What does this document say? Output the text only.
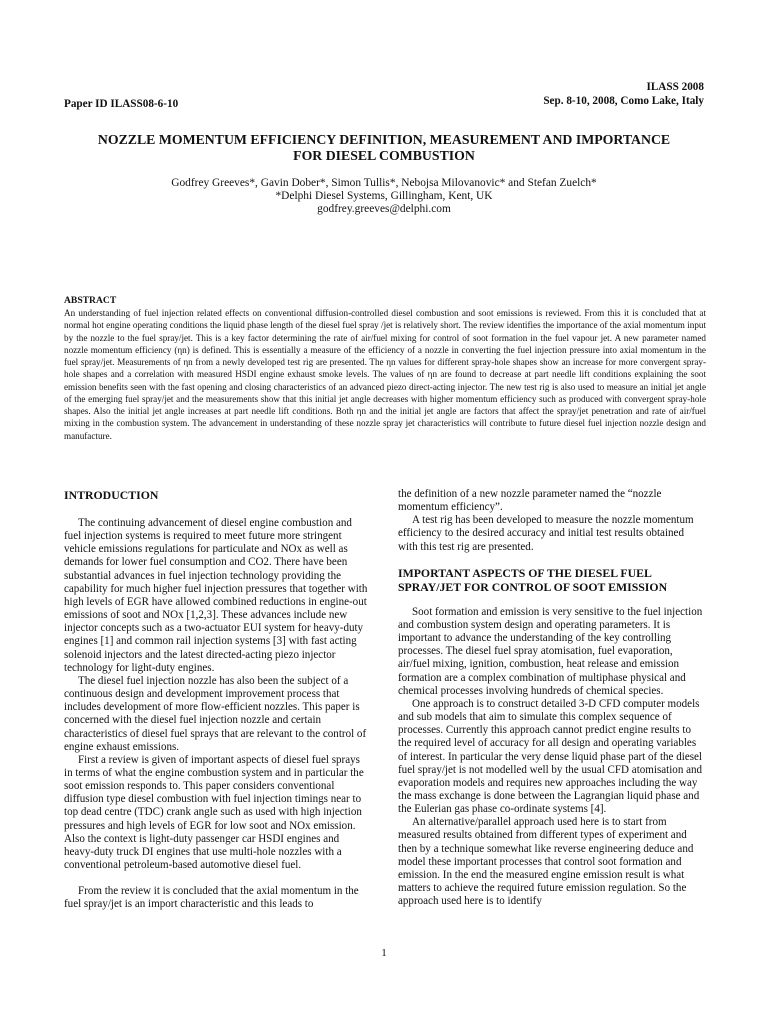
ILASS 2008
Sep. 8-10, 2008, Como Lake, Italy
Paper ID ILASS08-6-10
NOZZLE MOMENTUM EFFICIENCY DEFINITION, MEASUREMENT AND IMPORTANCE
FOR DIESEL COMBUSTION
Godfrey Greeves*, Gavin Dober*, Simon Tullis*, Nebojsa Milovanovic* and Stefan Zuelch*
*Delphi Diesel Systems, Gillingham, Kent, UK
godfrey.greeves@delphi.com
ABSTRACT

An understanding of fuel injection related effects on conventional diffusion-controlled diesel combustion and soot emissions is reviewed. From this it is concluded that at normal hot engine operating conditions the liquid phase length of the diesel fuel spray /jet is relatively short. The review identifies the importance of the axial momentum input by the nozzle to the fuel spray/jet. This is a key factor determining the rate of air/fuel mixing for control of soot formation in the fuel vapour jet. A new parameter named nozzle momentum efficiency (ηn) is defined. This is essentially a measure of the efficiency of a nozzle in converting the fuel injection pressure into axial momentum in the fuel spray/jet. Measurements of ηn from a newly developed test rig are presented. The ηn values for different spray-hole shapes show an increase for more convergent spray-hole shapes and a correlation with measured HSDI engine exhaust smoke levels. The values of ηn are found to decrease at part needle lift conditions explaining the soot emission benefits seen with the fast opening and closing characteristics of an advanced piezo direct-acting injector. The new test rig is also used to measure an initial jet angle of the emerging fuel spray/jet and the measurements show that this initial jet angle decreases with higher momentum efficiency such as produced with convergent spray-hole shapes. Also the initial jet angle increases at part needle lift conditions. Both ηn and the initial jet angle are factors that affect the spray/jet penetration and rate of air/fuel mixing in the combustion system. The advancement in understanding of these nozzle spray jet characteristics will contribute to future diesel fuel injection nozzle design and manufacture.

INTRODUCTION

The continuing advancement of diesel engine combustion and fuel injection systems is required to meet future more stringent vehicle emissions regulations for particulate and NOx as well as demands for lower fuel consumption and CO2. There have been substantial advances in fuel injection technology providing the capability for much higher fuel injection pressures that together with high levels of EGR have allowed combined reductions in engine-out emissions of soot and NOx [1,2,3]. These advances include new injector concepts such as a two-actuator EUI system for heavy-duty engines [1] and common rail injection systems [3] with fast acting solenoid injectors and the latest directed-acting piezo injector technology for light-duty engines.

The diesel fuel injection nozzle has also been the subject of a continuous design and development improvement process that includes development of more flow-efficient nozzles. This paper is concerned with the diesel fuel injection nozzle and certain characteristics of diesel fuel sprays that are relevant to the control of engine exhaust emissions.

First a review is given of important aspects of diesel fuel sprays in terms of what the engine combustion system and in particular the soot emission responds to. This paper considers conventional diffusion type diesel combustion with fuel injection timings near to top dead centre (TDC) crank angle such as used with high injection pressures and high levels of EGR for low soot and NOx emission. Also the context is light-duty passenger car HSDI engines and heavy-duty truck DI engines that use multi-hole nozzles with a conventional petroleum-based automotive diesel fuel.

From the review it is concluded that the axial momentum in the fuel spray/jet is an import characteristic and this leads to

the definition of a new nozzle parameter named the “nozzle momentum efficiency”.

A test rig has been developed to measure the nozzle momentum efficiency to the desired accuracy and initial test results obtained with this test rig are presented.

IMPORTANT ASPECTS OF THE DIESEL FUEL SPRAY/JET FOR CONTROL OF SOOT EMISSION

Soot formation and emission is very sensitive to the fuel injection and combustion system design and operating parameters. It is important to advance the understanding of the key controlling processes. The diesel fuel spray atomisation, fuel evaporation, air/fuel mixing, ignition, combustion, heat release and emission formation are a complex combination of multiphase physical and chemical processes involving hundreds of chemical species.

One approach is to construct detailed 3-D CFD computer models and sub models that aim to simulate this complex sequence of processes. Currently this approach cannot predict engine results to the required level of accuracy for all design and operating variables of interest. In particular the very dense liquid phase part of the diesel fuel spray/jet is not modelled well by the usual CFD atomisation and evaporation models and requires new approaches including the way the mass exchange is done between the Lagrangian liquid phase and the Eulerian gas phase co-ordinate systems [4].

An alternative/parallel approach used here is to start from measured results obtained from different types of experiment and then by a technique somewhat like reverse engineering deduce and model these important processes that control soot formation and emission. In the end the measured engine emission result is what matters to achieve the required future emission regulation. So the approach used here is to identify

1
